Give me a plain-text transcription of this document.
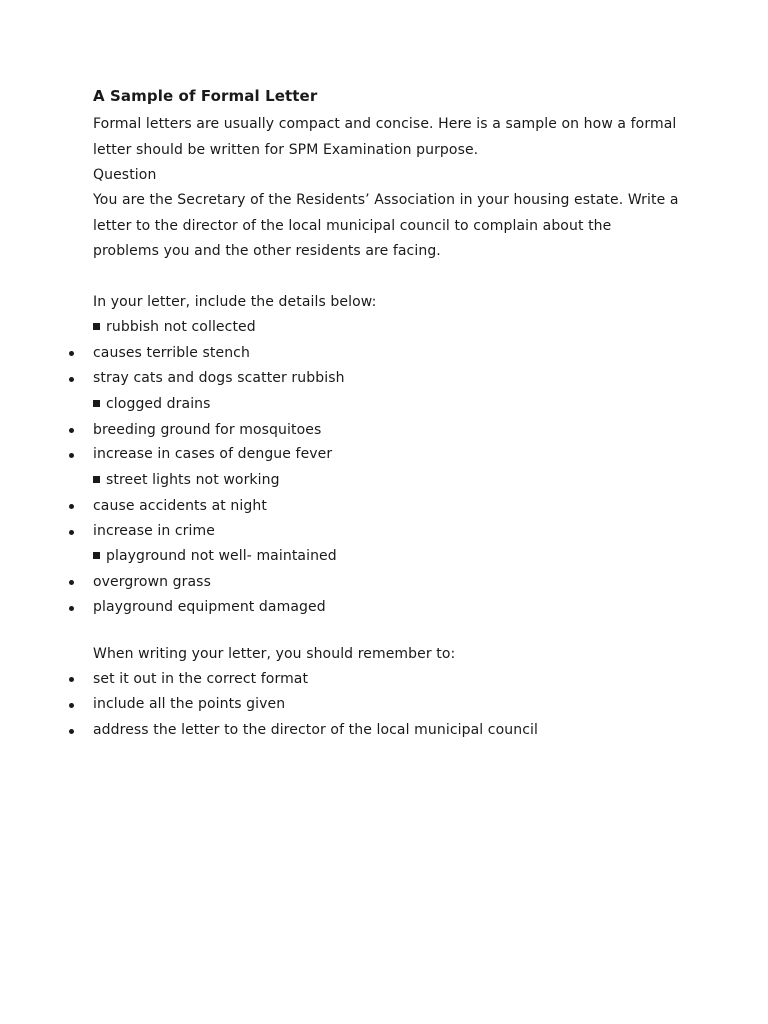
A Sample of Formal Letter
Formal letters are usually compact and concise. Here is a sample on how a formal
letter should be written for SPM Examination purpose.
Question
You are the Secretary of the Residents’ Association in your housing estate. Write a
letter to the director of the local municipal council to complain about the
problems you and the other residents are facing.
In your letter, include the details below:
rubbish not collected
causes terrible stench
stray cats and dogs scatter rubbish
clogged drains
breeding ground for mosquitoes
increase in cases of dengue fever
street lights not working
cause accidents at night
increase in crime
playground not well- maintained
overgrown grass
playground equipment damaged
When writing your letter, you should remember to:
set it out in the correct format
include all the points given
address the letter to the director of the local municipal council
